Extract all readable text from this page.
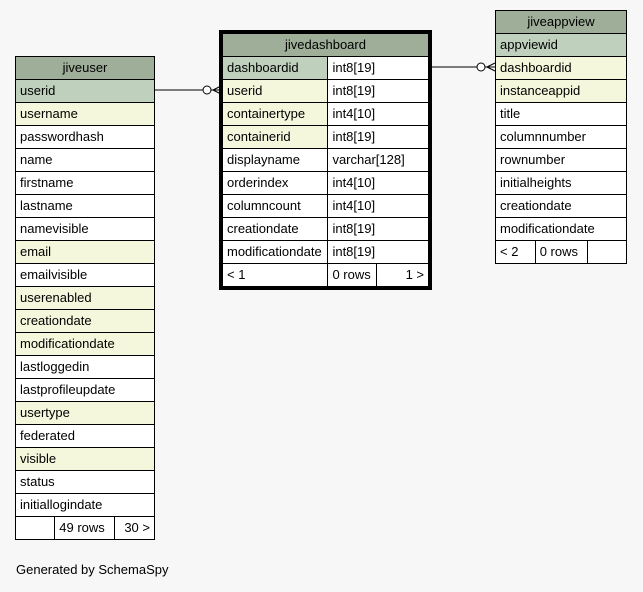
jiveuser
userid
username
passwordhash
name
firstname
lastname
namevisible
email
emailvisible
userenabled
creationdate
modificationdate
lastloggedin
lastprofileupdate
usertype
federated
visible
status
initiallogindate
	49 rows	30 >
jivedashboard		
dashboardid	int8[19]	
userid	int8[19]	
containertype	int4[10]	
containerid	int8[19]	
displayname	varchar[128]	
orderindex	int4[10]	
columncount	int4[10]	
creationdate	int8[19]	
modificationdate	int8[19]	
< 1	0 rows	1 >
jiveappview
appviewid
dashboardid
instanceappid
title
columnnumber
rownumber
initialheights
creationdate
modificationdate
< 2	0 rows	
Generated by SchemaSpy
